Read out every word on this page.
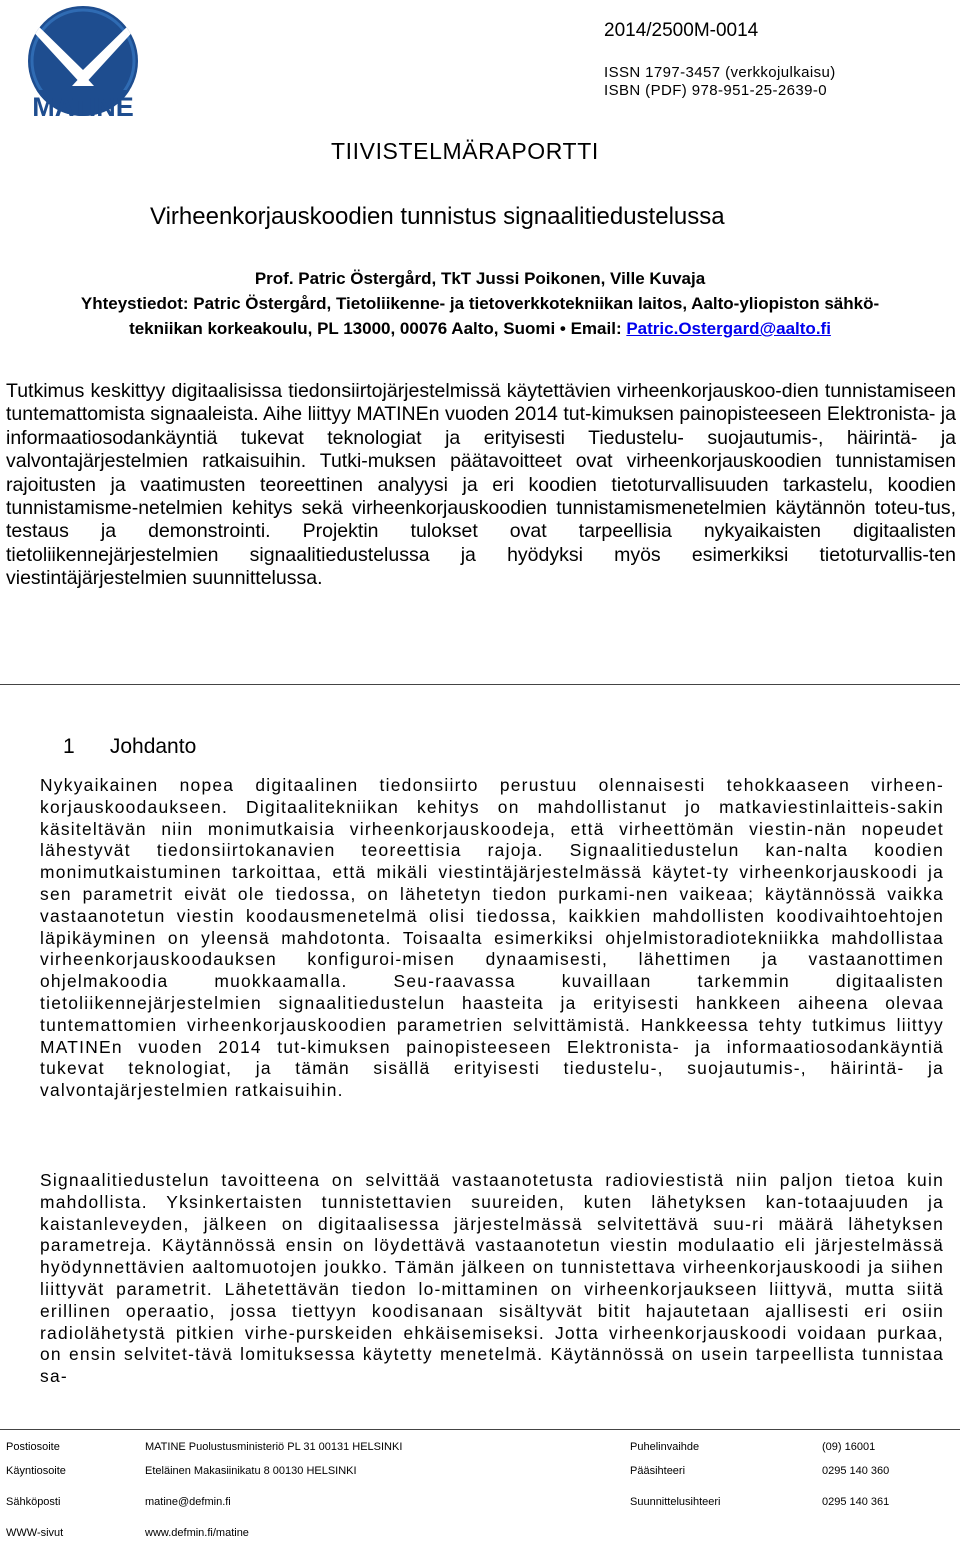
MATINE
2014/2500M-0014
ISSN 1797-3457 (verkkojulkaisu)
ISBN (PDF) 978-951-25-2639-0
TIIVISTELMÄRAPORTTI
Virheenkorjauskoodien tunnistus signaalitiedustelussa
Prof. Patric Östergård, TkT Jussi Poikonen, Ville Kuvaja
Yhteystiedot: Patric Östergård, Tietoliikenne- ja tietoverkkotekniikan laitos, Aalto-yliopiston sähkö-
tekniikan korkeakoulu, PL 13000, 00076 Aalto, Suomi • Email: Patric.Ostergard@aalto.fi
Tutkimus keskittyy digitaalisissa tiedonsiirtojärjestelmissä käytettävien virheenkorjauskoo-dien tunnistamiseen tuntemattomista signaaleista. Aihe liittyy MATINEn vuoden 2014 tut-kimuksen painopisteeseen Elektronista- ja informaatiosodankäyntiä tukevat teknologiat ja erityisesti Tiedustelu- suojautumis-, häirintä- ja valvontajärjestelmien ratkaisuihin. Tutki-muksen päätavoitteet ovat virheenkorjauskoodien tunnistamisen rajoitusten ja vaatimusten teoreettinen analyysi ja eri koodien tietoturvallisuuden tarkastelu, koodien tunnistamisme-netelmien kehitys sekä virheenkorjauskoodien tunnistamismenetelmien käytännön toteu-tus, testaus ja demonstrointi. Projektin tulokset ovat tarpeellisia nykyaikaisten digitaalisten tietoliikennejärjestelmien signaalitiedustelussa ja hyödyksi myös esimerkiksi tietoturvallis-ten viestintäjärjestelmien suunnittelussa.
1 Johdanto
Nykyaikainen nopea digitaalinen tiedonsiirto perustuu olennaisesti tehokkaaseen virheen-korjauskoodaukseen. Digitaalitekniikan kehitys on mahdollistanut jo matkaviestinlaitteis-sakin käsiteltävän niin monimutkaisia virheenkorjauskoodeja, että virheettömän viestin-nän nopeudet lähestyvät tiedonsiirtokanavien teoreettisia rajoja. Signaalitiedustelun kan-nalta koodien monimutkaistuminen tarkoittaa, että mikäli viestintäjärjestelmässä käytet-ty virheenkorjauskoodi ja sen parametrit eivät ole tiedossa, on lähetetyn tiedon purkami-nen vaikeaa; käytännössä vaikka vastaanotetun viestin koodausmenetelmä olisi tiedossa, kaikkien mahdollisten koodivaihtoehtojen läpikäyminen on yleensä mahdotonta. Toisaalta esimerkiksi ohjelmistoradiotekniikka mahdollistaa virheenkorjauskoodauksen konfiguroi-misen dynaamisesti, lähettimen ja vastaanottimen ohjelmakoodia muokkaamalla. Seu-raavassa kuvaillaan tarkemmin digitaalisten tietoliikennejärjestelmien signaalitiedustelun haasteita ja erityisesti hankkeen aiheena olevaa tuntemattomien virheenkorjauskoodien parametrien selvittämistä. Hankkeessa tehty tutkimus liittyy MATINEn vuoden 2014 tut-kimuksen painopisteeseen Elektronista- ja informaatiosodankäyntiä tukevat teknologiat, ja tämän sisällä erityisesti tiedustelu-, suojautumis-, häirintä- ja valvontajärjestelmien ratkaisuihin.
Signaalitiedustelun tavoitteena on selvittää vastaanotetusta radioviestistä niin paljon tietoa kuin mahdollista. Yksinkertaisten tunnistettavien suureiden, kuten lähetyksen kan-totaajuuden ja kaistanleveyden, jälkeen on digitaalisessa järjestelmässä selvitettävä suu-ri määrä lähetyksen parametreja. Käytännössä ensin on löydettävä vastaanotetun viestin modulaatio eli järjestelmässä hyödynnettävien aaltomuotojen joukko. Tämän jälkeen on tunnistettava virheenkorjauskoodi ja siihen liittyvät parametrit. Lähetettävän tiedon lo-mittaminen on virheenkorjaukseen liittyvä, mutta siitä erillinen operaatio, jossa tiettyyn koodisanaan sisältyvät bitit hajautetaan ajallisesti eri osiin radiolähetystä pitkien virhe-purskeiden ehkäisemiseksi. Jotta virheenkorjauskoodi voidaan purkaa, on ensin selvitet-tävä lomituksessa käytetty menetelmä. Käytännössä on usein tarpeellista tunnistaa sa-
Postiosoite	MATINE Puolustusministeriö PL 31 00131 HELSINKI	Puhelinvaihde	(09) 16001
Käyntiosoite	Eteläinen Makasiinikatu 8 00130 HELSINKI	Pääsihteeri	0295 140 360
Sähköposti	matine@defmin.fi	Suunnittelusihteeri	0295 140 361
WWW-sivut	www.defmin.fi/matine
